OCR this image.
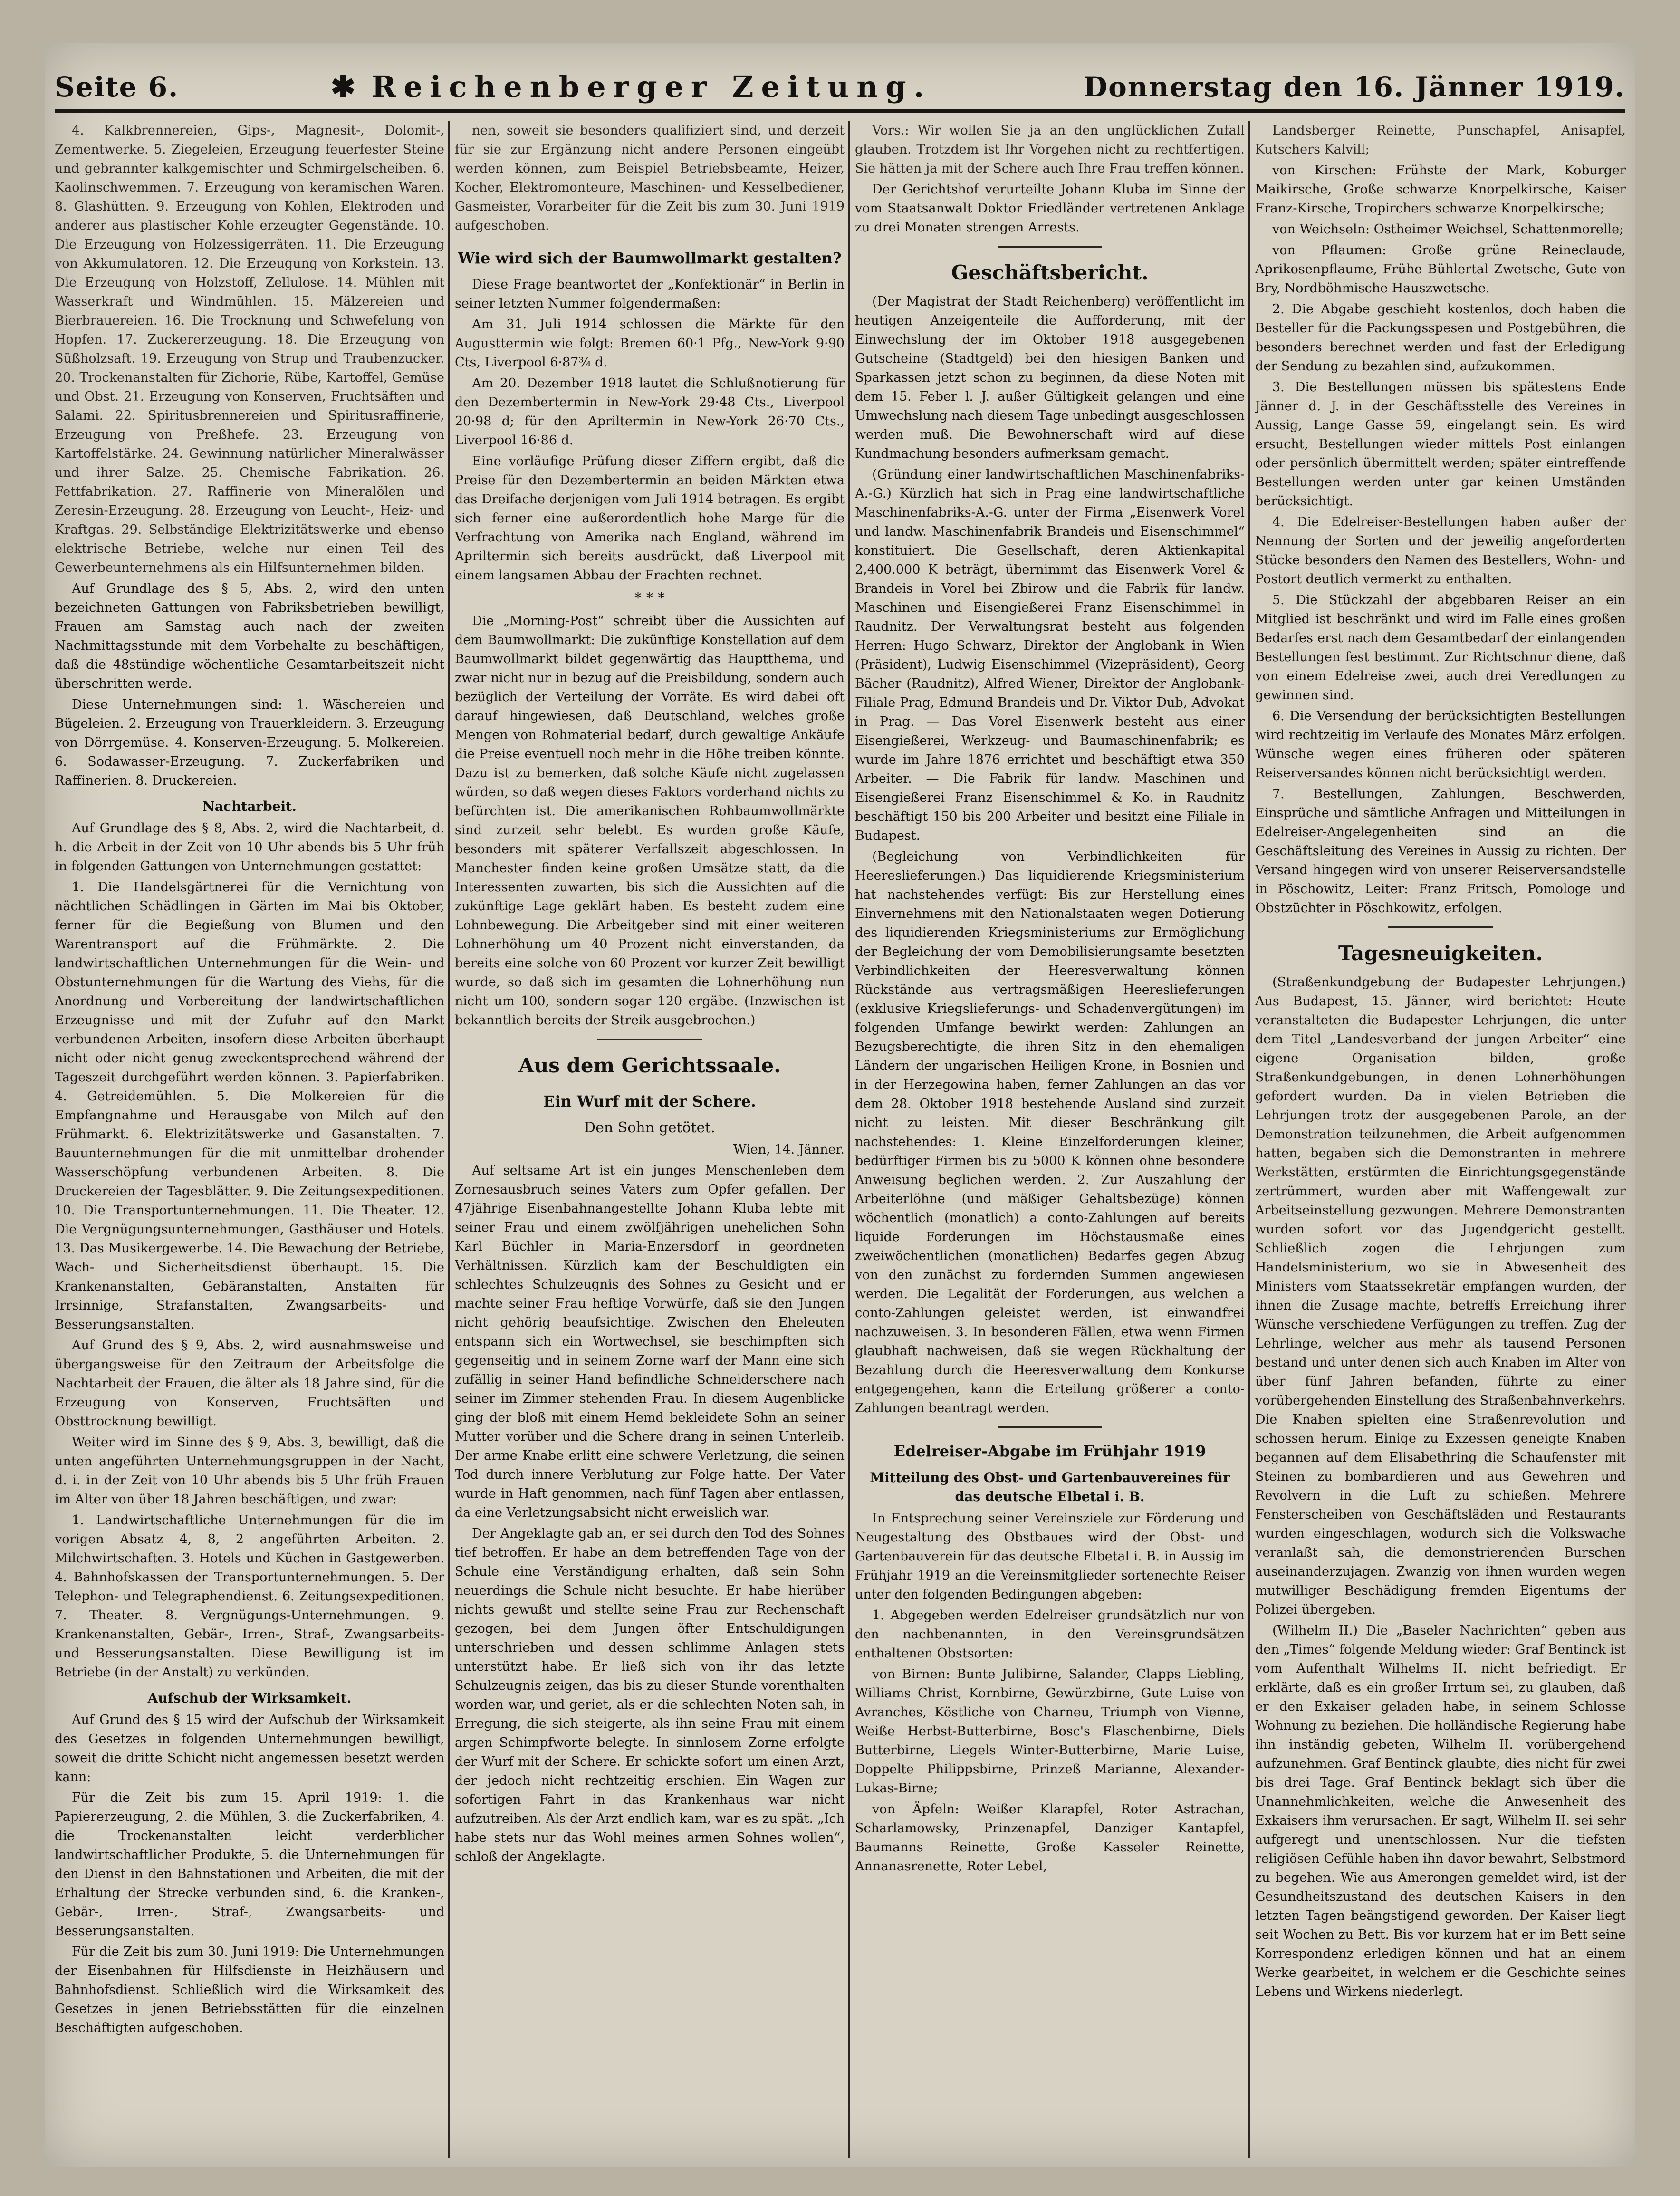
Seite 6.	✱ Reichenberger Zeitung.	Donnerstag den 16. Jänner 1919.

4. Kalkbrennereien, Gips-, Magnesit-, Dolomit-, Zementwerke. 5. Ziegeleien, Erzeugung feuerfester Steine und gebrannter kalkgemischter und Schmirgelscheiben. 6. Kaolinschwemmen. 7. Erzeugung von keramischen Waren. 8. Glashütten. 9. Erzeugung von Kohlen, Elektroden und anderer aus plastischer Kohle erzeugter Gegenstände. 10. Die Erzeugung von Holzessigerräten. 11. Die Erzeugung von Akkumulatoren. 12. Die Erzeugung von Korkstein. 13. Die Erzeugung von Holzstoff, Zellulose. 14. Mühlen mit Wasserkraft und Windmühlen. 15. Mälzereien und Bierbrauereien. 16. Die Trocknung und Schwefelung von Hopfen. 17. Zuckererzeugung. 18. Die Erzeugung von Süßholzsaft. 19. Erzeugung von Strup und Traubenzucker. 20. Trockenanstalten für Zichorie, Rübe, Kartoffel, Gemüse und Obst. 21. Erzeugung von Konserven, Fruchtsäften und Salami. 22. Spiritusbrennereien und Spiritusraffinerie, Erzeugung von Preßhefe. 23. Erzeugung von Kartoffelstärke. 24. Gewinnung natürlicher Mineralwässer und ihrer Salze. 25. Chemische Fabrikation. 26. Fettfabrikation. 27. Raffinerie von Mineralölen und Zeresin-Erzeugung. 28. Erzeugung von Leucht-, Heiz- und Kraftgas. 29. Selbständige Elektrizitätswerke und ebenso elektrische Betriebe, welche nur einen Teil des Gewerbeunternehmens als ein Hilfsunternehmen bilden.

Auf Grundlage des § 5, Abs. 2, wird den unten bezeichneten Gattungen von Fabriksbetrieben bewilligt, Frauen am Samstag auch nach der zweiten Nachmittagsstunde mit dem Vorbehalte zu beschäftigen, daß die 48stündige wöchentliche Gesamtarbeitszeit nicht überschritten werde.

Diese Unternehmungen sind: 1. Wäschereien und Bügeleien. 2. Erzeugung von Trauerkleidern. 3. Erzeugung von Dörrgemüse. 4. Konserven-Erzeugung. 5. Molkereien. 6. Sodawasser-Erzeugung. 7. Zuckerfabriken und Raffinerien. 8. Druckereien.

Nachtarbeit.

Auf Grundlage des § 8, Abs. 2, wird die Nachtarbeit, d. h. die Arbeit in der Zeit von 10 Uhr abends bis 5 Uhr früh in folgenden Gattungen von Unternehmungen gestattet:

1. Die Handelsgärtnerei für die Vernichtung von nächtlichen Schädlingen in Gärten im Mai bis Oktober, ferner für die Begießung von Blumen und den Warentransport auf die Frühmärkte. 2. Die landwirtschaftlichen Unternehmungen für die Wein- und Obstunternehmungen für die Wartung des Viehs, für die Anordnung und Vorbereitung der landwirtschaftlichen Erzeugnisse und mit der Zufuhr auf den Markt verbundenen Arbeiten, insofern diese Arbeiten überhaupt nicht oder nicht genug zweckentsprechend während der Tageszeit durchgeführt werden können. 3. Papierfabriken. 4. Getreidemühlen. 5. Die Molkereien für die Empfangnahme und Herausgabe von Milch auf den Frühmarkt. 6. Elektrizitätswerke und Gasanstalten. 7. Bauunternehmungen für die mit unmittelbar drohender Wasserschöpfung verbundenen Arbeiten. 8. Die Druckereien der Tagesblätter. 9. Die Zeitungsexpeditionen. 10. Die Transportunternehmungen. 11. Die Theater. 12. Die Vergnügungsunternehmungen, Gasthäuser und Hotels. 13. Das Musikergewerbe. 14. Die Bewachung der Betriebe, Wach- und Sicherheitsdienst überhaupt. 15. Die Krankenanstalten, Gebäranstalten, Anstalten für Irrsinnige, Strafanstalten, Zwangsarbeits- und Besserungsanstalten.

Auf Grund des § 9, Abs. 2, wird ausnahmsweise und übergangsweise für den Zeitraum der Arbeitsfolge die Nachtarbeit der Frauen, die älter als 18 Jahre sind, für die Erzeugung von Konserven, Fruchtsäften und Obsttrocknung bewilligt.

Weiter wird im Sinne des § 9, Abs. 3, bewilligt, daß die unten angeführten Unternehmungsgruppen in der Nacht, d. i. in der Zeit von 10 Uhr abends bis 5 Uhr früh Frauen im Alter von über 18 Jahren beschäftigen, und zwar:

1. Landwirtschaftliche Unternehmungen für die im vorigen Absatz 4, 8, 2 angeführten Arbeiten. 2. Milchwirtschaften. 3. Hotels und Küchen in Gastgewerben. 4. Bahnhofskassen der Transportunternehmungen. 5. Der Telephon- und Telegraphendienst. 6. Zeitungsexpeditionen. 7. Theater. 8. Vergnügungs-Unternehmungen. 9. Krankenanstalten, Gebär-, Irren-, Straf-, Zwangsarbeits- und Besserungsanstalten. Diese Bewilligung ist im Betriebe (in der Anstalt) zu verkünden.

Aufschub der Wirksamkeit.

Auf Grund des § 15 wird der Aufschub der Wirksamkeit des Gesetzes in folgenden Unternehmungen bewilligt, soweit die dritte Schicht nicht angemessen besetzt werden kann:

Für die Zeit bis zum 15. April 1919: 1. die Papiererzeugung, 2. die Mühlen, 3. die Zuckerfabriken, 4. die Trockenanstalten leicht verderblicher landwirtschaftlicher Produkte, 5. die Unternehmungen für den Dienst in den Bahnstationen und Arbeiten, die mit der Erhaltung der Strecke verbunden sind, 6. die Kranken-, Gebär-, Irren-, Straf-, Zwangsarbeits- und Besserungsanstalten.

Für die Zeit bis zum 30. Juni 1919: Die Unternehmungen der Eisenbahnen für Hilfsdienste in Heizhäusern und Bahnhofsdienst. Schließlich wird die Wirksamkeit des Gesetzes in jenen Betriebsstätten für die einzelnen Beschäftigten aufgeschoben.

nen, soweit sie besonders qualifiziert sind, und derzeit für sie zur Ergänzung nicht andere Personen eingeübt werden können, zum Beispiel Betriebsbeamte, Heizer, Kocher, Elektromonteure, Maschinen- und Kesselbediener, Gasmeister, Vorarbeiter für die Zeit bis zum 30. Juni 1919 aufgeschoben.

Wie wird sich der Baumwollmarkt gestalten?

Diese Frage beantwortet der „Konfektionär“ in Berlin in seiner letzten Nummer folgendermaßen:

Am 31. Juli 1914 schlossen die Märkte für den Augusttermin wie folgt: Bremen 60·1 Pfg., New-York 9·90 Cts, Liverpool 6·87¾ d.

Am 20. Dezember 1918 lautet die Schlußnotierung für den Dezembertermin in New-York 29·48 Cts., Liverpool 20·98 d; für den Apriltermin in New-York 26·70 Cts., Liverpool 16·86 d.

Eine vorläufige Prüfung dieser Ziffern ergibt, daß die Preise für den Dezembertermin an beiden Märkten etwa das Dreifache derjenigen vom Juli 1914 betragen. Es ergibt sich ferner eine außerordentlich hohe Marge für die Verfrachtung von Amerika nach England, während im Apriltermin sich bereits ausdrückt, daß Liverpool mit einem langsamen Abbau der Frachten rechnet.

* * *

Die „Morning-Post“ schreibt über die Aussichten auf dem Baumwollmarkt: Die zukünftige Konstellation auf dem Baumwollmarkt bildet gegenwärtig das Hauptthema, und zwar nicht nur in bezug auf die Preisbildung, sondern auch bezüglich der Verteilung der Vorräte. Es wird dabei oft darauf hingewiesen, daß Deutschland, welches große Mengen von Rohmaterial bedarf, durch gewaltige Ankäufe die Preise eventuell noch mehr in die Höhe treiben könnte. Dazu ist zu bemerken, daß solche Käufe nicht zugelassen würden, so daß wegen dieses Faktors vorderhand nichts zu befürchten ist. Die amerikanischen Rohbaumwollmärkte sind zurzeit sehr belebt. Es wurden große Käufe, besonders mit späterer Verfallszeit abgeschlossen. In Manchester finden keine großen Umsätze statt, da die Interessenten zuwarten, bis sich die Aussichten auf die zukünftige Lage geklärt haben. Es besteht zudem eine Lohnbewegung. Die Arbeitgeber sind mit einer weiteren Lohnerhöhung um 40 Prozent nicht einverstanden, da bereits eine solche von 60 Prozent vor kurzer Zeit bewilligt wurde, so daß sich im gesamten die Lohnerhöhung nun nicht um 100, sondern sogar 120 ergäbe. (Inzwischen ist bekanntlich bereits der Streik ausgebrochen.)

Aus dem Gerichtssaale.
Ein Wurf mit der Schere.
Den Sohn getötet.
Wien, 14. Jänner.

Auf seltsame Art ist ein junges Menschenleben dem Zornesausbruch seines Vaters zum Opfer gefallen. Der 47jährige Eisenbahnangestellte Johann Kluba lebte mit seiner Frau und einem zwölfjährigen unehelichen Sohn Karl Büchler in Maria-Enzersdorf in geordneten Verhältnissen. Kürzlich kam der Beschuldigten ein schlechtes Schulzeugnis des Sohnes zu Gesicht und er machte seiner Frau heftige Vorwürfe, daß sie den Jungen nicht gehörig beaufsichtige. Zwischen den Eheleuten entspann sich ein Wortwechsel, sie beschimpften sich gegenseitig und in seinem Zorne warf der Mann eine sich zufällig in seiner Hand befindliche Schneiderschere nach seiner im Zimmer stehenden Frau. In diesem Augenblicke ging der bloß mit einem Hemd bekleidete Sohn an seiner Mutter vorüber und die Schere drang in seinen Unterleib. Der arme Knabe erlitt eine schwere Verletzung, die seinen Tod durch innere Verblutung zur Folge hatte. Der Vater wurde in Haft genommen, nach fünf Tagen aber entlassen, da eine Verletzungsabsicht nicht erweislich war.

Der Angeklagte gab an, er sei durch den Tod des Sohnes tief betroffen. Er habe an dem betreffenden Tage von der Schule eine Verständigung erhalten, daß sein Sohn neuerdings die Schule nicht besuchte. Er habe hierüber nichts gewußt und stellte seine Frau zur Rechenschaft gezogen, bei dem Jungen öfter Entschuldigungen unterschrieben und dessen schlimme Anlagen stets unterstützt habe. Er ließ sich von ihr das letzte Schulzeugnis zeigen, das bis zu dieser Stunde vorenthalten worden war, und geriet, als er die schlechten Noten sah, in Erregung, die sich steigerte, als ihn seine Frau mit einem argen Schimpfworte belegte. In sinnlosem Zorne erfolgte der Wurf mit der Schere. Er schickte sofort um einen Arzt, der jedoch nicht rechtzeitig erschien. Ein Wagen zur sofortigen Fahrt in das Krankenhaus war nicht aufzutreiben. Als der Arzt endlich kam, war es zu spät. „Ich habe stets nur das Wohl meines armen Sohnes wollen“, schloß der Angeklagte.

Vors.: Wir wollen Sie ja an den unglücklichen Zufall glauben. Trotzdem ist Ihr Vorgehen nicht zu rechtfertigen. Sie hätten ja mit der Schere auch Ihre Frau treffen können.

Der Gerichtshof verurteilte Johann Kluba im Sinne der vom Staatsanwalt Doktor Friedländer vertretenen Anklage zu drei Monaten strengen Arrests.

Geschäftsbericht.

(Der Magistrat der Stadt Reichenberg) veröffentlicht im heutigen Anzeigenteile die Aufforderung, mit der Einwechslung der im Oktober 1918 ausgegebenen Gutscheine (Stadtgeld) bei den hiesigen Banken und Sparkassen jetzt schon zu beginnen, da diese Noten mit dem 15. Feber l. J. außer Gültigkeit gelangen und eine Umwechslung nach diesem Tage unbedingt ausgeschlossen werden muß. Die Bewohnerschaft wird auf diese Kundmachung besonders aufmerksam gemacht.

(Gründung einer landwirtschaftlichen Maschinenfabriks-A.-G.) Kürzlich hat sich in Prag eine landwirtschaftliche Maschinenfabriks-A.-G. unter der Firma „Eisenwerk Vorel und landw. Maschinenfabrik Brandeis und Eisenschimmel“ konstituiert. Die Gesellschaft, deren Aktienkapital 2,400.000 K beträgt, übernimmt das Eisenwerk Vorel & Brandeis in Vorel bei Zbirow und die Fabrik für landw. Maschinen und Eisengießerei Franz Eisenschimmel in Raudnitz. Der Verwaltungsrat besteht aus folgenden Herren: Hugo Schwarz, Direktor der Anglobank in Wien (Präsident), Ludwig Eisenschimmel (Vizepräsident), Georg Bächer (Raudnitz), Alfred Wiener, Direktor der Anglobank-Filiale Prag, Edmund Brandeis und Dr. Viktor Dub, Advokat in Prag. — Das Vorel Eisenwerk besteht aus einer Eisengießerei, Werkzeug- und Baumaschinenfabrik; es wurde im Jahre 1876 errichtet und beschäftigt etwa 350 Arbeiter. — Die Fabrik für landw. Maschinen und Eisengießerei Franz Eisenschimmel & Ko. in Raudnitz beschäftigt 150 bis 200 Arbeiter und besitzt eine Filiale in Budapest.

(Begleichung von Verbindlichkeiten für Heereslieferungen.) Das liquidierende Kriegsministerium hat nachstehendes verfügt: Bis zur Herstellung eines Einvernehmens mit den Nationalstaaten wegen Dotierung des liquidierenden Kriegsministeriums zur Ermöglichung der Begleichung der vom Demobilisierungsamte besetzten Verbindlichkeiten der Heeresverwaltung können Rückstände aus vertragsmäßigen Heereslieferungen (exklusive Kriegslieferungs- und Schadenvergütungen) im folgenden Umfange bewirkt werden: Zahlungen an Bezugsberechtigte, die ihren Sitz in den ehemaligen Ländern der ungarischen Heiligen Krone, in Bosnien und in der Herzegowina haben, ferner Zahlungen an das vor dem 28. Oktober 1918 bestehende Ausland sind zurzeit nicht zu leisten. Mit dieser Beschränkung gilt nachstehendes: 1. Kleine Einzelforderungen kleiner, bedürftiger Firmen bis zu 5000 K können ohne besondere Anweisung beglichen werden. 2. Zur Auszahlung der Arbeiterlöhne (und mäßiger Gehaltsbezüge) können wöchentlich (monatlich) a conto-Zahlungen auf bereits liquide Forderungen im Höchstausmaße eines zweiwöchentlichen (monatlichen) Bedarfes gegen Abzug von den zunächst zu fordernden Summen angewiesen werden. Die Legalität der Forderungen, aus welchen a conto-Zahlungen geleistet werden, ist einwandfrei nachzuweisen. 3. In besonderen Fällen, etwa wenn Firmen glaubhaft nachweisen, daß sie wegen Rückhaltung der Bezahlung durch die Heeresverwaltung dem Konkurse entgegengehen, kann die Erteilung größerer a conto-Zahlungen beantragt werden.

Edelreiser-Abgabe im Frühjahr 1919
Mitteilung des Obst- und Gartenbauvereines für das deutsche Elbetal i. B.

In Entsprechung seiner Vereinsziele zur Förderung und Neugestaltung des Obstbaues wird der Obst- und Gartenbauverein für das deutsche Elbetal i. B. in Aussig im Frühjahr 1919 an die Vereinsmitglieder sortenechte Reiser unter den folgenden Bedingungen abgeben:

1. Abgegeben werden Edelreiser grundsätzlich nur von den nachbenannten, in den Vereinsgrundsätzen enthaltenen Obstsorten:

von Birnen: Bunte Julibirne, Salander, Clapps Liebling, Williams Christ, Kornbirne, Gewürzbirne, Gute Luise von Avranches, Köstliche von Charneu, Triumph von Vienne, Weiße Herbst-Butterbirne, Bosc's Flaschenbirne, Diels Butterbirne, Liegels Winter-Butterbirne, Marie Luise, Doppelte Philippsbirne, Prinzeß Marianne, Alexander-Lukas-Birne;

von Äpfeln: Weißer Klarapfel, Roter Astrachan, Scharlamowsky, Prinzenapfel, Danziger Kantapfel, Baumanns Reinette, Große Kasseler Reinette, Annanasrenette, Roter Lebel,

Landsberger Reinette, Punschapfel, Anisapfel, Kutschers Kalvill;

von Kirschen: Frühste der Mark, Koburger Maikirsche, Große schwarze Knorpelkirsche, Kaiser Franz-Kirsche, Tropirchers schwarze Knorpelkirsche;

von Weichseln: Ostheimer Weichsel, Schattenmorelle;

von Pflaumen: Große grüne Reineclaude, Aprikosenpflaume, Frühe Bühlertal Zwetsche, Gute von Bry, Nordböhmische Hauszwetsche.

2. Die Abgabe geschieht kostenlos, doch haben die Besteller für die Packungsspesen und Postgebühren, die besonders berechnet werden und fast der Erledigung der Sendung zu bezahlen sind, aufzukommen.

3. Die Bestellungen müssen bis spätestens Ende Jänner d. J. in der Geschäftsstelle des Vereines in Aussig, Lange Gasse 59, eingelangt sein. Es wird ersucht, Bestellungen wieder mittels Post einlangen oder persönlich übermittelt werden; später eintreffende Bestellungen werden unter gar keinen Umständen berücksichtigt.

4. Die Edelreiser-Bestellungen haben außer der Nennung der Sorten und der jeweilig angeforderten Stücke besonders den Namen des Bestellers, Wohn- und Postort deutlich vermerkt zu enthalten.

5. Die Stückzahl der abgebbaren Reiser an ein Mitglied ist beschränkt und wird im Falle eines großen Bedarfes erst nach dem Gesamtbedarf der einlangenden Bestellungen fest bestimmt. Zur Richtschnur diene, daß von einem Edelreise zwei, auch drei Veredlungen zu gewinnen sind.

6. Die Versendung der berücksichtigten Bestellungen wird rechtzeitig im Verlaufe des Monates März erfolgen. Wünsche wegen eines früheren oder späteren Reiserversandes können nicht berücksichtigt werden.

7. Bestellungen, Zahlungen, Beschwerden, Einsprüche und sämtliche Anfragen und Mitteilungen in Edelreiser-Angelegenheiten sind an die Geschäftsleitung des Vereines in Aussig zu richten. Der Versand hingegen wird von unserer Reiserversandstelle in Pöschowitz, Leiter: Franz Fritsch, Pomologe und Obstzüchter in Pöschkowitz, erfolgen.

Tagesneuigkeiten.

(Straßenkundgebung der Budapester Lehrjungen.) Aus Budapest, 15. Jänner, wird berichtet: Heute veranstalteten die Budapester Lehrjungen, die unter dem Titel „Landesverband der jungen Arbeiter“ eine eigene Organisation bilden, große Straßenkundgebungen, in denen Lohnerhöhungen gefordert wurden. Da in vielen Betrieben die Lehrjungen trotz der ausgegebenen Parole, an der Demonstration teilzunehmen, die Arbeit aufgenommen hatten, begaben sich die Demonstranten in mehrere Werkstätten, erstürmten die Einrichtungsgegenstände zertrümmert, wurden aber mit Waffengewalt zur Arbeitseinstellung gezwungen. Mehrere Demonstranten wurden sofort vor das Jugendgericht gestellt. Schließlich zogen die Lehrjungen zum Handelsministerium, wo sie in Abwesenheit des Ministers vom Staatssekretär empfangen wurden, der ihnen die Zusage machte, betreffs Erreichung ihrer Wünsche verschiedene Verfügungen zu treffen. Zug der Lehrlinge, welcher aus mehr als tausend Personen bestand und unter denen sich auch Knaben im Alter von über fünf Jahren befanden, führte zu einer vorübergehenden Einstellung des Straßenbahnverkehrs. Die Knaben spielten eine Straßenrevolution und schossen herum. Einige zu Exzessen geneigte Knaben begannen auf dem Elisabethring die Schaufenster mit Steinen zu bombardieren und aus Gewehren und Revolvern in die Luft zu schießen. Mehrere Fensterscheiben von Geschäftsläden und Restaurants wurden eingeschlagen, wodurch sich die Volkswache veranlaßt sah, die demonstrierenden Burschen auseinanderzujagen. Zwanzig von ihnen wurden wegen mutwilliger Beschädigung fremden Eigentums der Polizei übergeben.

(Wilhelm II.) Die „Baseler Nachrichten“ geben aus den „Times“ folgende Meldung wieder: Graf Bentinck ist vom Aufenthalt Wilhelms II. nicht befriedigt. Er erklärte, daß es ein großer Irrtum sei, zu glauben, daß er den Exkaiser geladen habe, in seinem Schlosse Wohnung zu beziehen. Die holländische Regierung habe ihn inständig gebeten, Wilhelm II. vorübergehend aufzunehmen. Graf Bentinck glaubte, dies nicht für zwei bis drei Tage. Graf Bentinck beklagt sich über die Unannehmlichkeiten, welche die Anwesenheit des Exkaisers ihm verursachen. Er sagt, Wilhelm II. sei sehr aufgeregt und unentschlossen. Nur die tiefsten religiösen Gefühle haben ihn davor bewahrt, Selbstmord zu begehen. Wie aus Amerongen gemeldet wird, ist der Gesundheitszustand des deutschen Kaisers in den letzten Tagen beängstigend geworden. Der Kaiser liegt seit Wochen zu Bett. Bis vor kurzem hat er im Bett seine Korrespondenz erledigen können und hat an einem Werke gearbeitet, in welchem er die Geschichte seines Lebens und Wirkens niederlegt.
